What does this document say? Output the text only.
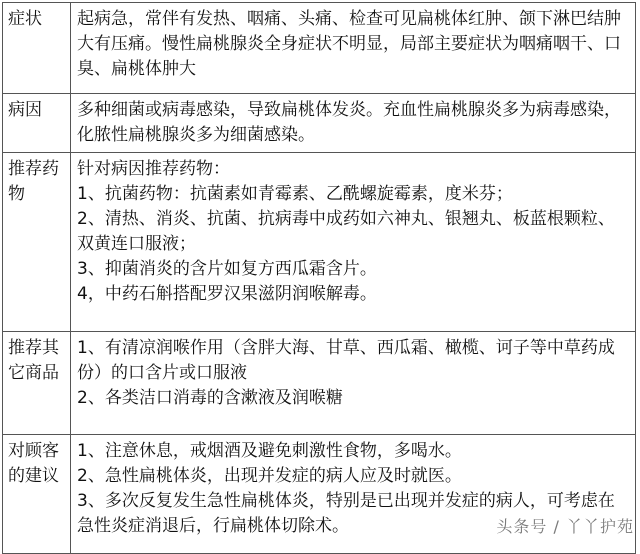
症状	起病急，常伴有发热、咽痛、头痛、检查可见扁桃体红肿、颌下淋巴结肿大有压痛。慢性扁桃腺炎全身症状不明显，局部主要症状为咽痛咽干、口臭、扁桃体肿大

病因	多种细菌或病毒感染，导致扁桃体发炎。充血性扁桃腺炎多为病毒感染，化脓性扁桃腺炎多为细菌感染。

推荐药物	针对病因推荐药物：

1、抗菌药物：抗菌素如青霉素、乙酰螺旋霉素，度米芬；

2、清热、消炎、抗菌、抗病毒中成药如六神丸、银翘丸、板蓝根颗粒、双黄连口服液；

3、抑菌消炎的含片如复方西瓜霜含片。

4，中药石斛搭配罗汉果滋阴润喉解毒。

推荐其它商品	1、有清凉润喉作用（含胖大海、甘草、西瓜霜、橄榄、诃子等中草药成份）的口含片或口服液

2、各类洁口消毒的含漱液及润喉糖

对顾客的建议	1、注意休息，戒烟酒及避免刺激性食物，多喝水。

2、急性扁桃体炎，出现并发症的病人应及时就医。

3、多次反复发生急性扁桃体炎，特别是已出现并发症的病人，可考虑在急性炎症消退后，行扁桃体切除术。	头条号 / 丫丫护苑
